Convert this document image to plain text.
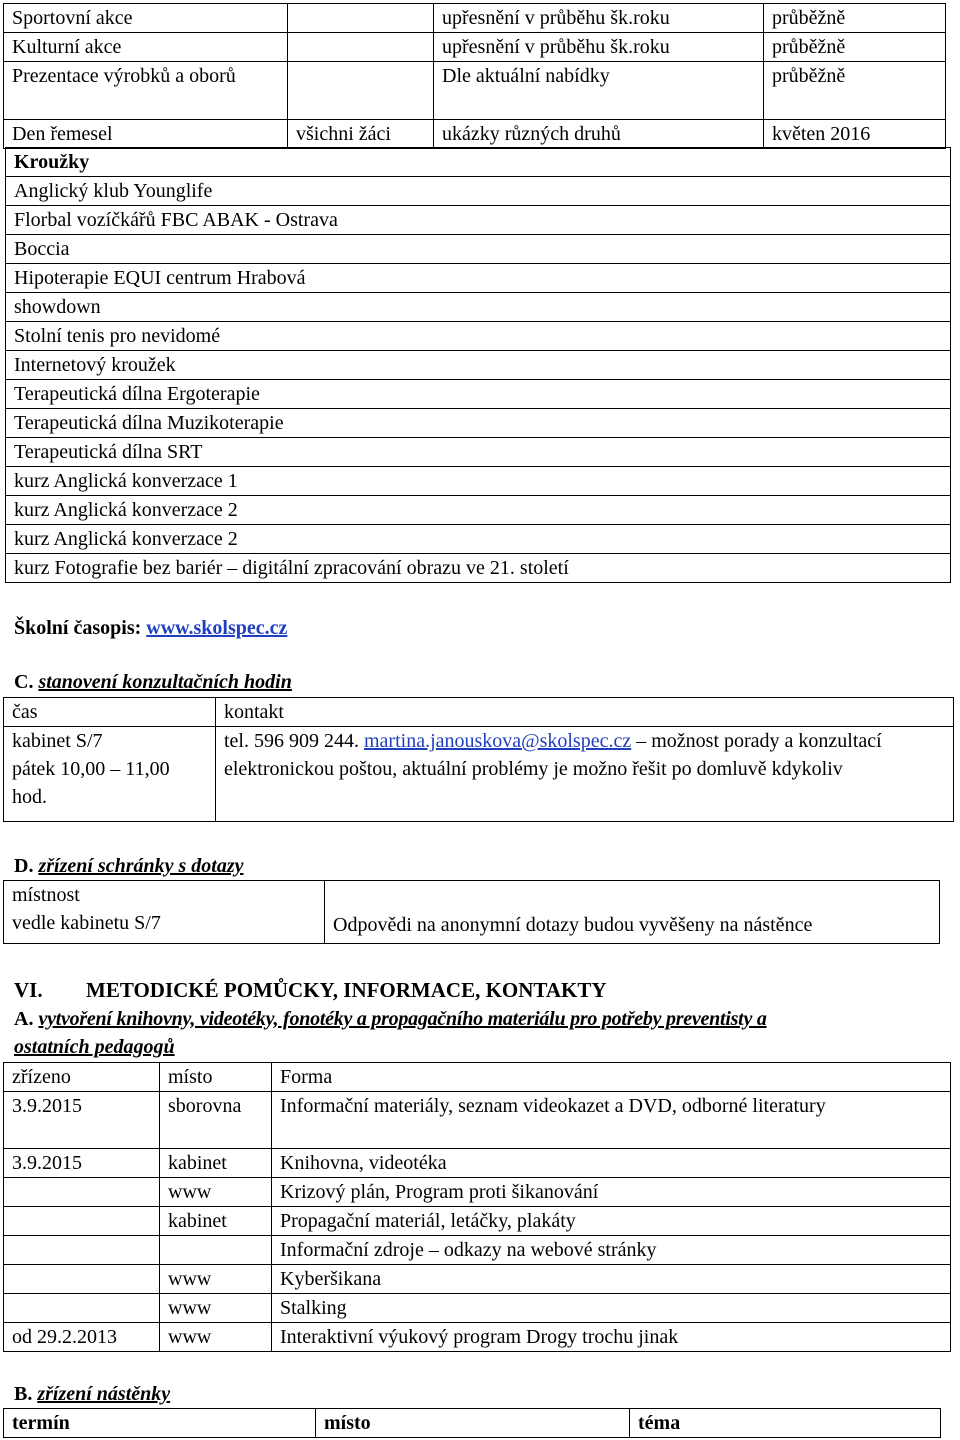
Sportovní akce		upřesnění v průběhu šk.roku	průběžně
Kulturní akce		upřesnění v průběhu šk.roku	průběžně
Prezentace výrobků a oborů		Dle aktuální nabídky	průběžně
Den řemesel	všichni žáci	ukázky různých druhů	květen 2016
Kroužky
Anglický klub Younglife
Florbal vozíčkářů FBC ABAK - Ostrava
Boccia
Hipoterapie EQUI centrum Hrabová
showdown
Stolní tenis pro nevidomé
Internetový kroužek
Terapeutická dílna Ergoterapie
Terapeutická dílna Muzikoterapie
Terapeutická dílna SRT
kurz Anglická konverzace 1
kurz Anglická konverzace 2
kurz Anglická konverzace 2
kurz Fotografie bez bariér – digitální zpracování obrazu ve 21. století
Školní časopis: www.skolspec.cz
C. stanovení konzultačních hodin
čas	kontakt

kabinet S/7
pátek 10,00 – 11,00
hod.	tel. 596 909 244. martina.janouskova@skolspec.cz – možnost porady a konzultací elektronickou poštou, aktuální problémy je možno řešit po domluvě kdykoliv
D. zřízení schránky s dotazy
místnost
vedle kabinetu S/7	Odpovědi na anonymní dotazy budou vyvěšeny na nástěnce
VI. METODICKÉ POMŮCKY, INFORMACE, KONTAKTY
A. vytvoření knihovny, videotéky, fonotéky a propagačního materiálu pro potřeby preventisty a
ostatních pedagogů
zřízeno	místo	Forma
3.9.2015	sborovna	Informační materiály, seznam videokazet a DVD, odborné literatury
3.9.2015	kabinet	Knihovna, videotéka
	www	Krizový plán, Program proti šikanování
	kabinet	Propagační materiál, letáčky, plakáty
		Informační zdroje – odkazy na webové stránky
	www	Kyberšikana
	www	Stalking
od 29.2.2013	www	Interaktivní výukový program Drogy trochu jinak
B. zřízení nástěnky
termín	místo	téma
